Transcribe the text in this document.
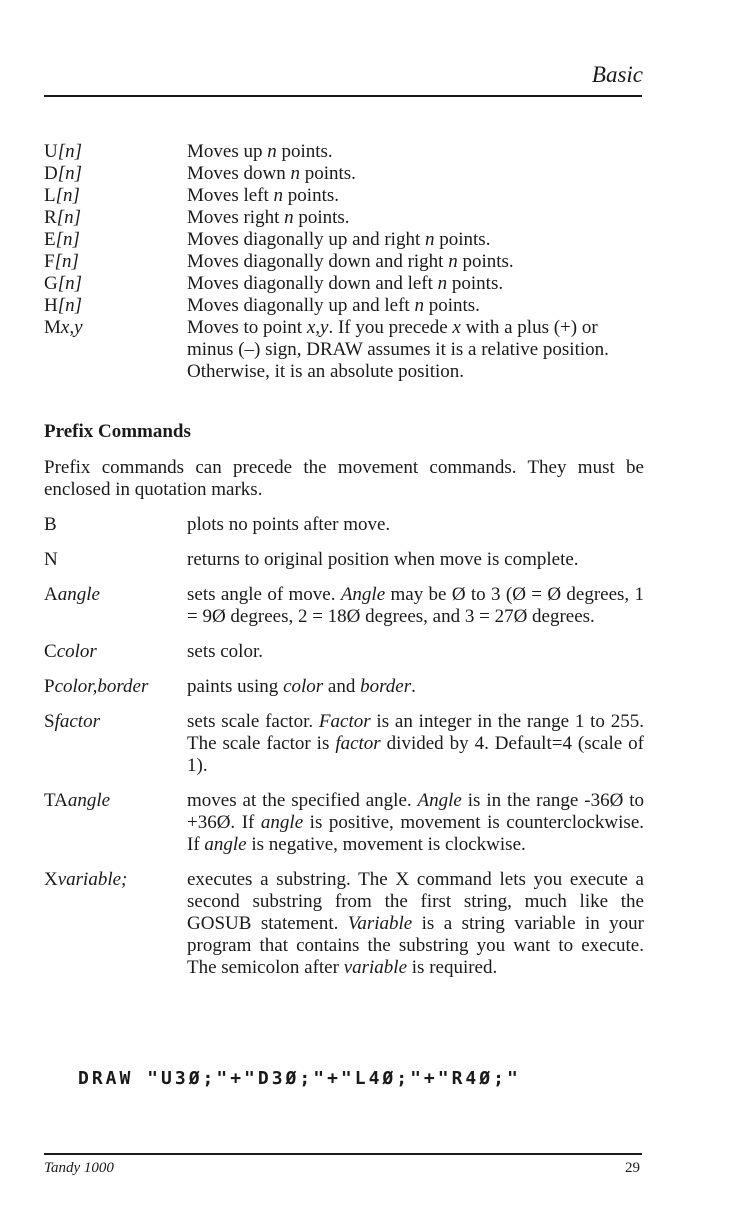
Basic
U[n]	Moves up n points.
D[n]	Moves down n points.
L[n]	Moves left n points.
R[n]	Moves right n points.
E[n]	Moves diagonally up and right n points.
F[n]	Moves diagonally down and right n points.
G[n]	Moves diagonally down and left n points.
H[n]	Moves diagonally up and left n points.
Mx,y	Moves to point x,y. If you precede x with a plus (+) or minus (–) sign, DRAW assumes it is a relative position. Otherwise, it is an absolute position.
Prefix Commands
Prefix commands can precede the movement commands. They must be enclosed in quotation marks.
B	plots no points after move.
N	returns to original position when move is complete.
Aangle	sets angle of move. Angle may be Ø to 3 (Ø = Ø degrees, 1 = 9Ø degrees, 2 = 18Ø degrees, and 3 = 27Ø degrees.
Ccolor	sets color.
Pcolor,border	paints using color and border.
Sfactor	sets scale factor. Factor is an integer in the range 1 to 255. The scale factor is factor divided by 4. Default=4 (scale of 1).
TAangle	moves at the specified angle. Angle is in the range -36Ø to +36Ø. If angle is positive, movement is counterclockwise. If angle is negative, movement is clockwise.
Xvariable;	executes a substring. The X command lets you execute a second substring from the first string, much like the GOSUB statement. Variable is a string variable in your program that contains the substring you want to execute. The semicolon after variable is required.
DRAW "U3Ø;"+"D3Ø;"+"L4Ø;"+"R4Ø;"
Tandy 1000	29
